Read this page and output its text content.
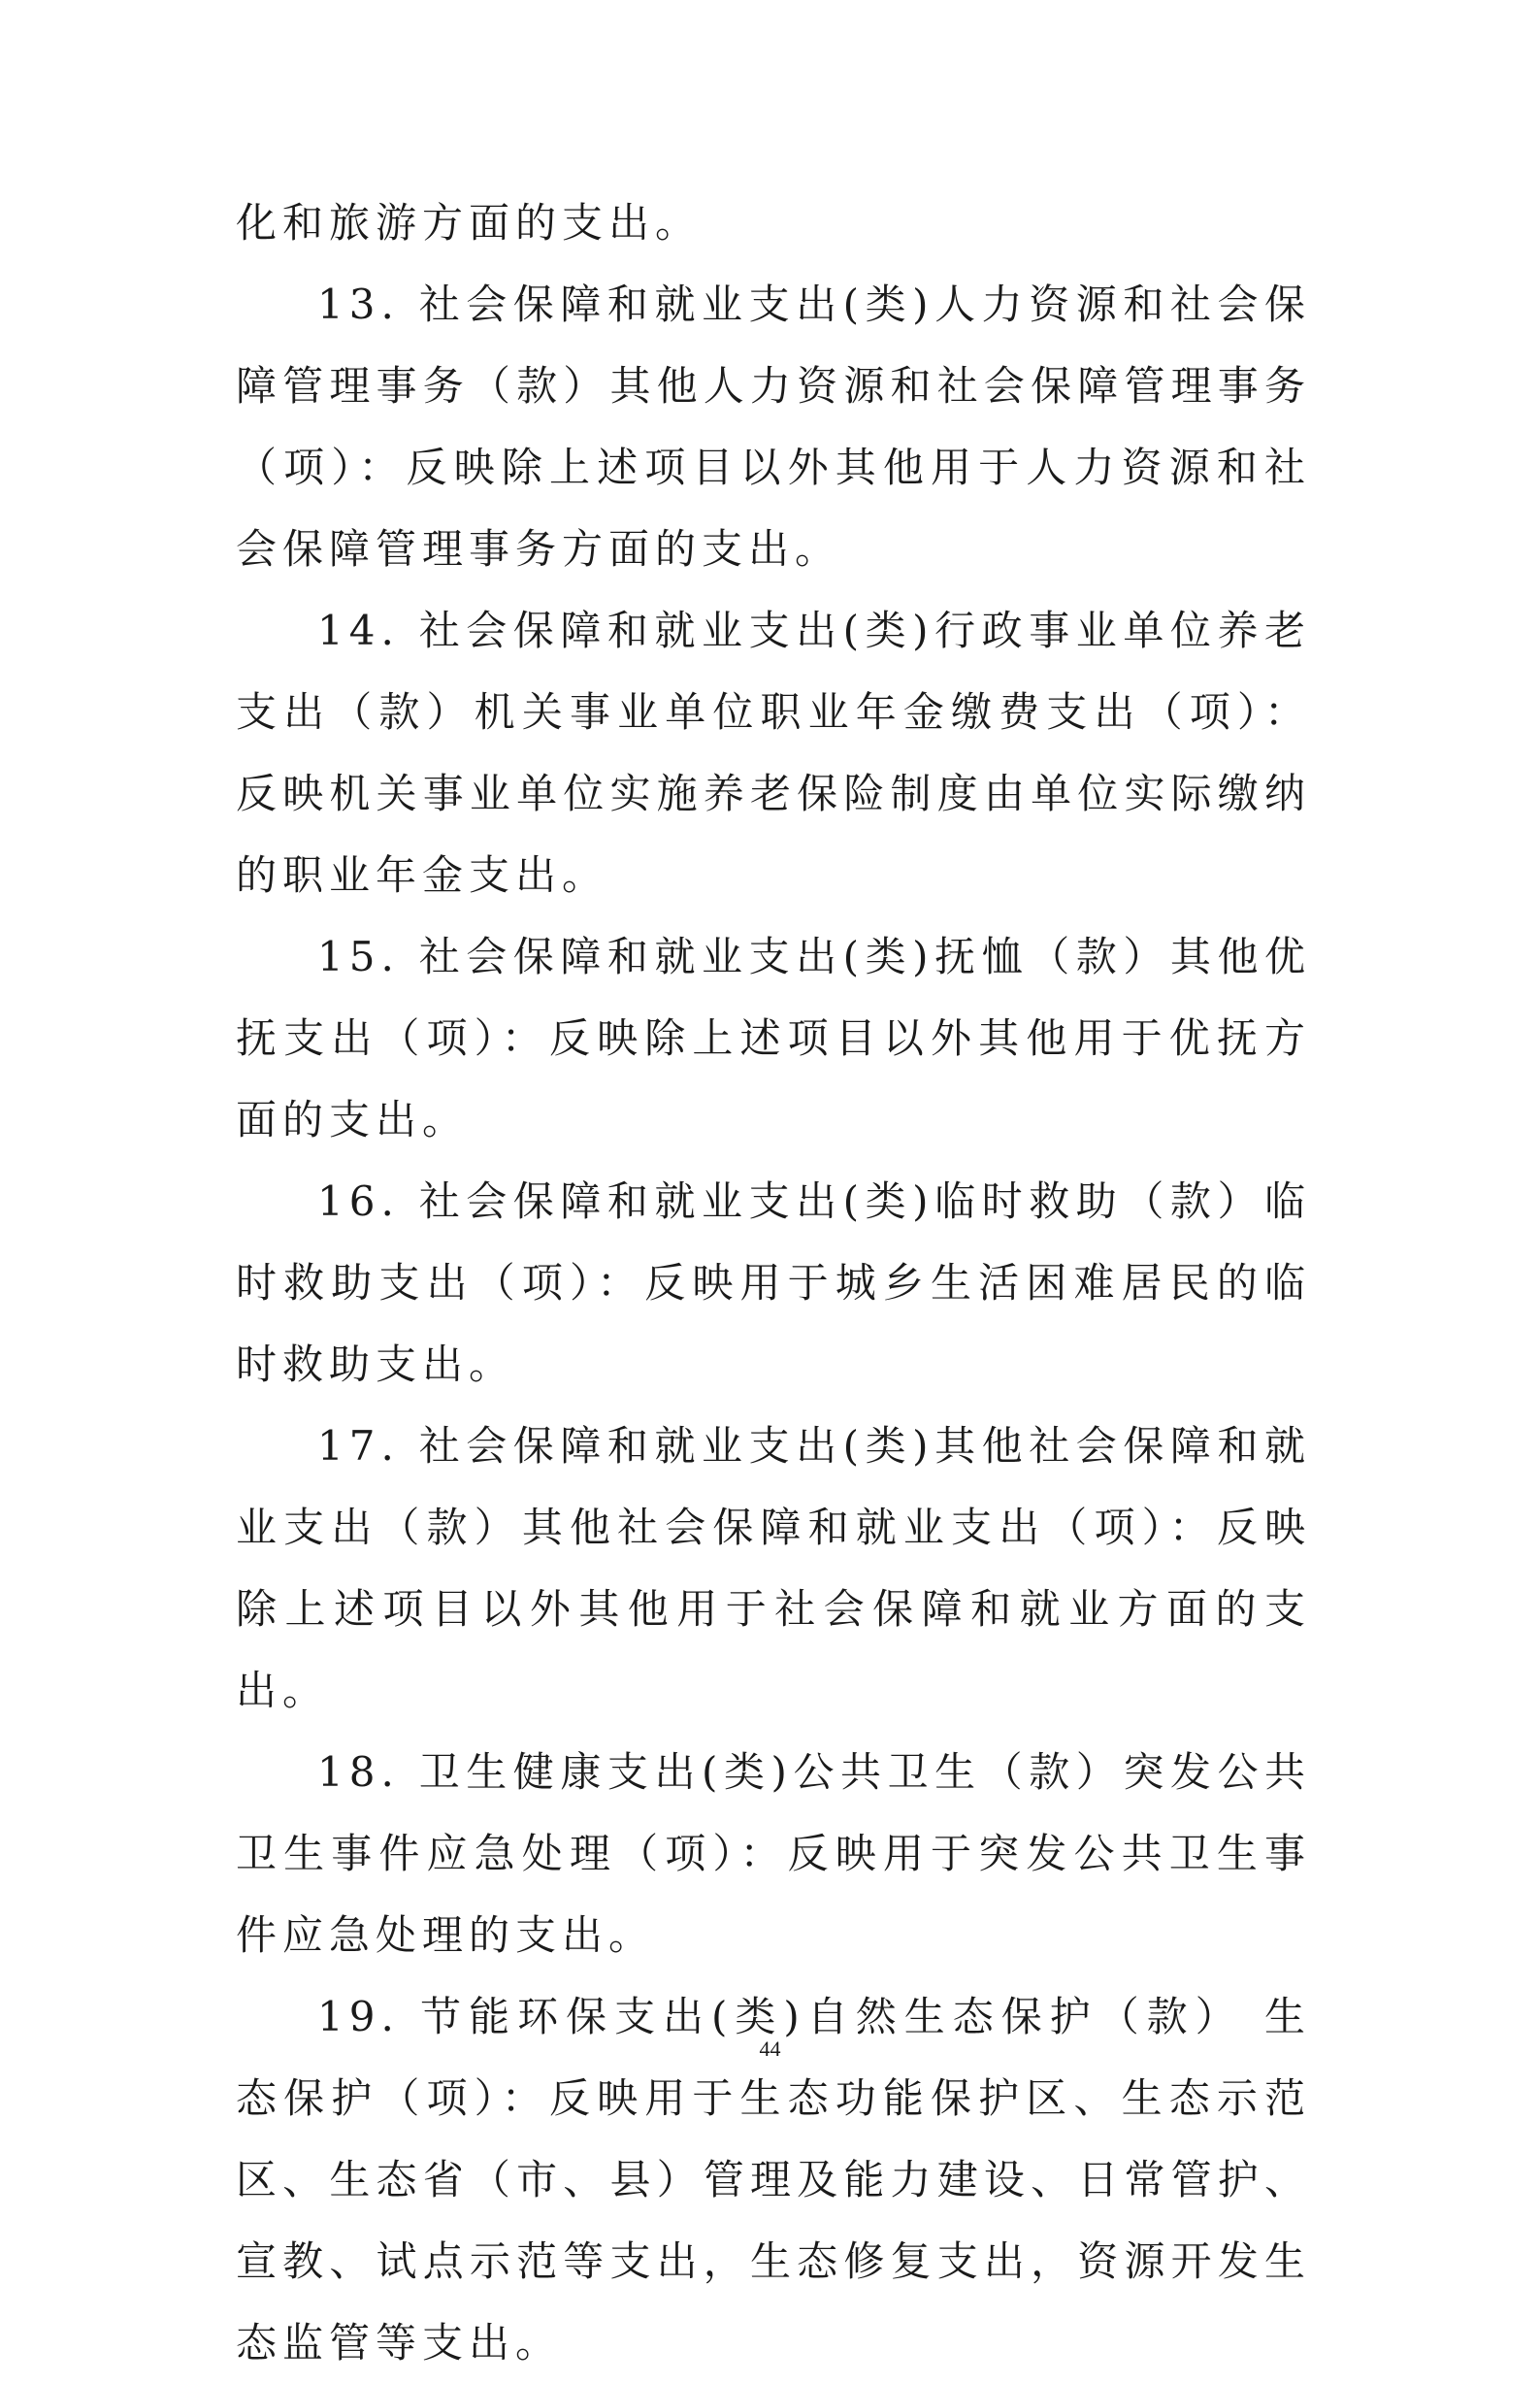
化和旅游方面的支出。

13. 社会保障和就业支出(类)人力资源和社会保障管理事务（款）其他人力资源和社会保障管理事务（项）：反映除上述项目以外其他用于人力资源和社会保障管理事务方面的支出。

14. 社会保障和就业支出(类)行政事业单位养老支出（款）机关事业单位职业年金缴费支出（项）：反映机关事业单位实施养老保险制度由单位实际缴纳的职业年金支出。

15. 社会保障和就业支出(类)抚恤（款）其他优抚支出（项）：反映除上述项目以外其他用于优抚方面的支出。

16. 社会保障和就业支出(类)临时救助（款）临时救助支出（项）：反映用于城乡生活困难居民的临时救助支出。

17. 社会保障和就业支出(类)其他社会保障和就业支出（款）其他社会保障和就业支出（项）：反映除上述项目以外其他用于社会保障和就业方面的支出。

18. 卫生健康支出(类)公共卫生（款）突发公共卫生事件应急处理（项）：反映用于突发公共卫生事件应急处理的支出。

19. 节能环保支出(类)自然生态保护（款） 生态保护（项）：反映用于生态功能保护区、生态示范区、生态省（市、县）管理及能力建设、日常管护、宣教、试点示范等支出，生态修复支出，资源开发生态监管等支出。

44
